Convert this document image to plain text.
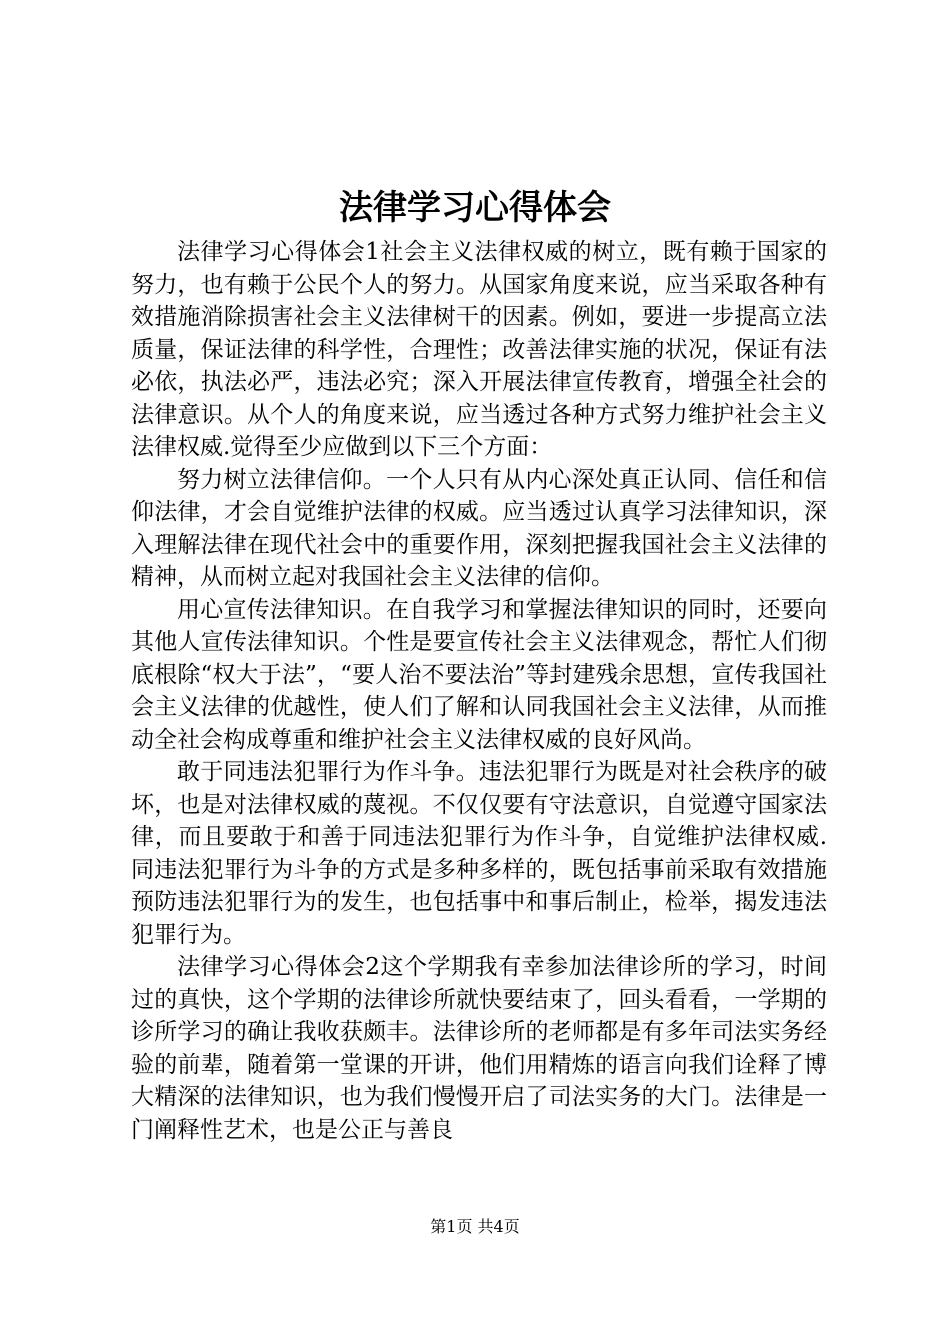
法律学习心得体会

法律学习心得体会1社会主义法律权威的树立，既有赖于国家的努力，也有赖于公民个人的努力。从国家角度来说，应当采取各种有效措施消除损害社会主义法律树干的因素。例如，要进一步提高立法质量，保证法律的科学性，合理性；改善法律实施的状况，保证有法必依，执法必严，违法必究；深入开展法律宣传教育，增强全社会的法律意识。从个人的角度来说，应当透过各种方式努力维护社会主义法律权威.觉得至少应做到以下三个方面：

努力树立法律信仰。一个人只有从内心深处真正认同、信任和信仰法律，才会自觉维护法律的权威。应当透过认真学习法律知识，深入理解法律在现代社会中的重要作用，深刻把握我国社会主义法律的精神，从而树立起对我国社会主义法律的信仰。

用心宣传法律知识。在自我学习和掌握法律知识的同时，还要向其他人宣传法律知识。个性是要宣传社会主义法律观念，帮忙人们彻底根除“权大于法”，“要人治不要法治”等封建残余思想，宣传我国社会主义法律的优越性，使人们了解和认同我国社会主义法律，从而推动全社会构成尊重和维护社会主义法律权威的良好风尚。

敢于同违法犯罪行为作斗争。违法犯罪行为既是对社会秩序的破坏，也是对法律权威的蔑视。不仅仅要有守法意识，自觉遵守国家法律，而且要敢于和善于同违法犯罪行为作斗争，自觉维护法律权威.同违法犯罪行为斗争的方式是多种多样的，既包括事前采取有效措施预防违法犯罪行为的发生，也包括事中和事后制止，检举，揭发违法犯罪行为。

法律学习心得体会2这个学期我有幸参加法律诊所的学习，时间过的真快，这个学期的法律诊所就快要结束了，回头看看，一学期的诊所学习的确让我收获颇丰。法律诊所的老师都是有多年司法实务经验的前辈，随着第一堂课的开讲，他们用精炼的语言向我们诠释了博大精深的法律知识，也为我们慢慢开启了司法实务的大门。法律是一门阐释性艺术，也是公正与善良

第1页 共4页
